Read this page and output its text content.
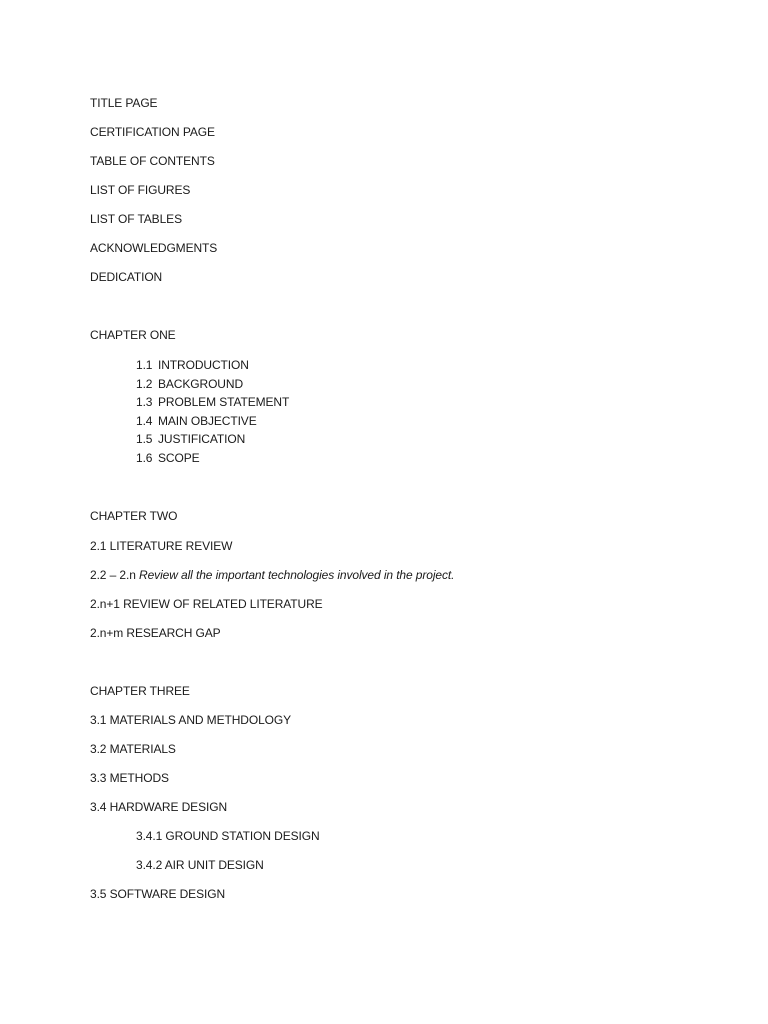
TITLE PAGE
CERTIFICATION PAGE
TABLE OF CONTENTS
LIST OF FIGURES
LIST OF TABLES
ACKNOWLEDGMENTS
DEDICATION
CHAPTER ONE
1.1 INTRODUCTION
1.2 BACKGROUND
1.3 PROBLEM STATEMENT
1.4 MAIN OBJECTIVE
1.5 JUSTIFICATION
1.6 SCOPE
CHAPTER TWO
2.1 LITERATURE REVIEW
2.2 – 2.n Review all the important technologies involved in the project.
2.n+1 REVIEW OF RELATED LITERATURE
2.n+m RESEARCH GAP
CHAPTER THREE
3.1 MATERIALS AND METHDOLOGY
3.2 MATERIALS
3.3 METHODS
3.4 HARDWARE DESIGN
3.4.1 GROUND STATION DESIGN
3.4.2 AIR UNIT DESIGN
3.5 SOFTWARE DESIGN
